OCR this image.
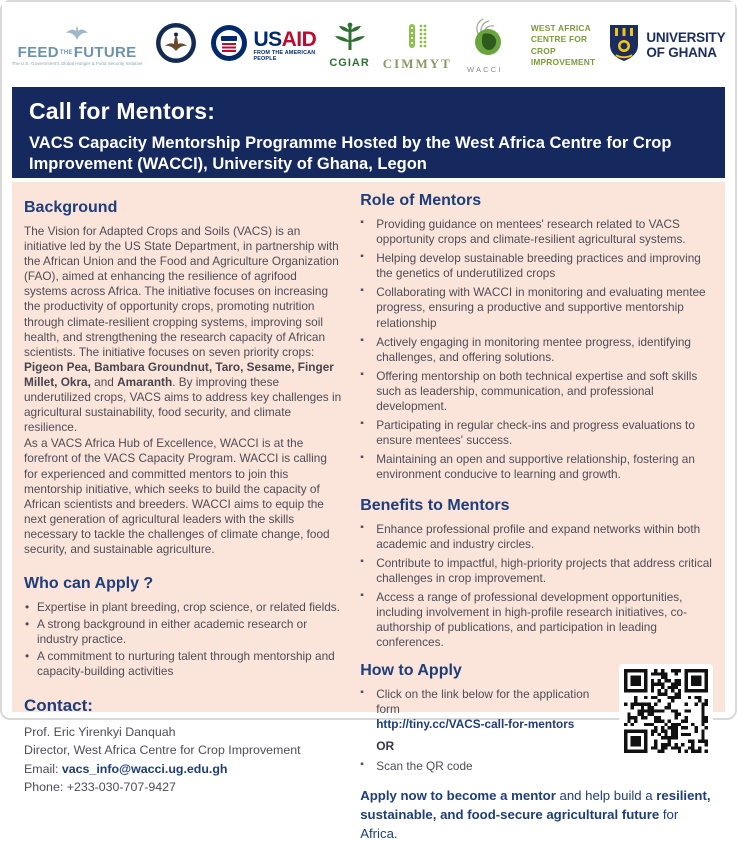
FEED THE FUTURE
The U.S. Government's Global Hunger & Food Security Initiative
USAID
FROM THE AMERICAN PEOPLE	CGIAR CIMMYT WACCI
WEST AFRICA CENTRE FOR
CROP IMPROVEMENT
UNIVERSITY
OF GHANA
Call for Mentors:
VACS Capacity Mentorship Programme Hosted by the West Africa Centre for Crop Improvement (WACCI), University of Ghana, Legon
Background

The Vision for Adapted Crops and Soils (VACS) is an initiative led by the US State Department, in partnership with the African Union and the Food and Agriculture Organization (FAO), aimed at enhancing the resilience of agrifood systems across Africa. The initiative focuses on increasing the productivity of opportunity crops, promoting nutrition through climate-resilient cropping systems, improving soil health, and strengthening the research capacity of African scientists. The initiative focuses on seven priority crops: Pigeon Pea, Bambara Groundnut, Taro, Sesame, Finger Millet, Okra, and Amaranth. By improving these underutilized crops, VACS aims to address key challenges in agricultural sustainability, food security, and climate resilience.

As a VACS Africa Hub of Excellence, WACCI is at the forefront of the VACS Capacity Program. WACCI is calling for experienced and committed mentors to join this mentorship initiative, which seeks to build the capacity of African scientists and breeders. WACCI aims to equip the next generation of agricultural leaders with the skills necessary to tackle the challenges of climate change, food security, and sustainable agriculture.

Who can Apply ?
• Expertise in plant breeding, crop science, or related fields.
• A strong background in either academic research or industry practice.
• A commitment to nurturing talent through mentorship and capacity-building activities
Contact:
Prof. Eric Yirenkyi Danquah
Director, West Africa Centre for Crop Improvement
Email: vacs_info@wacci.ug.edu.gh
Phone: +233-030-707-9427
Role of Mentors
▪ Providing guidance on mentees' research related to VACS opportunity crops and climate-resilient agricultural systems.
▪ Helping develop sustainable breeding practices and improving the genetics of underutilized crops
▪ Collaborating with WACCI in monitoring and evaluating mentee progress, ensuring a productive and supportive mentorship relationship
▪ Actively engaging in monitoring mentee progress, identifying challenges, and offering solutions.
▪ Offering mentorship on both technical expertise and soft skills such as leadership, communication, and professional development.
▪ Participating in regular check-ins and progress evaluations to ensure mentees' success.
▪ Maintaining an open and supportive relationship, fostering an environment conducive to learning and growth.
Benefits to Mentors
▪ Enhance professional profile and expand networks within both academic and industry circles.
▪ Contribute to impactful, high-priority projects that address critical challenges in crop improvement.
▪ Access a range of professional development opportunities, including involvement in high-profile research initiatives, co-authorship of publications, and participation in leading conferences.
How to Apply
▪ Click on the link below for the application form
http://tiny.cc/VACS-call-for-mentors
OR
▪ Scan the QR code
Apply now to become a mentor and help build a resilient, sustainable, and food-secure agricultural future for Africa.
